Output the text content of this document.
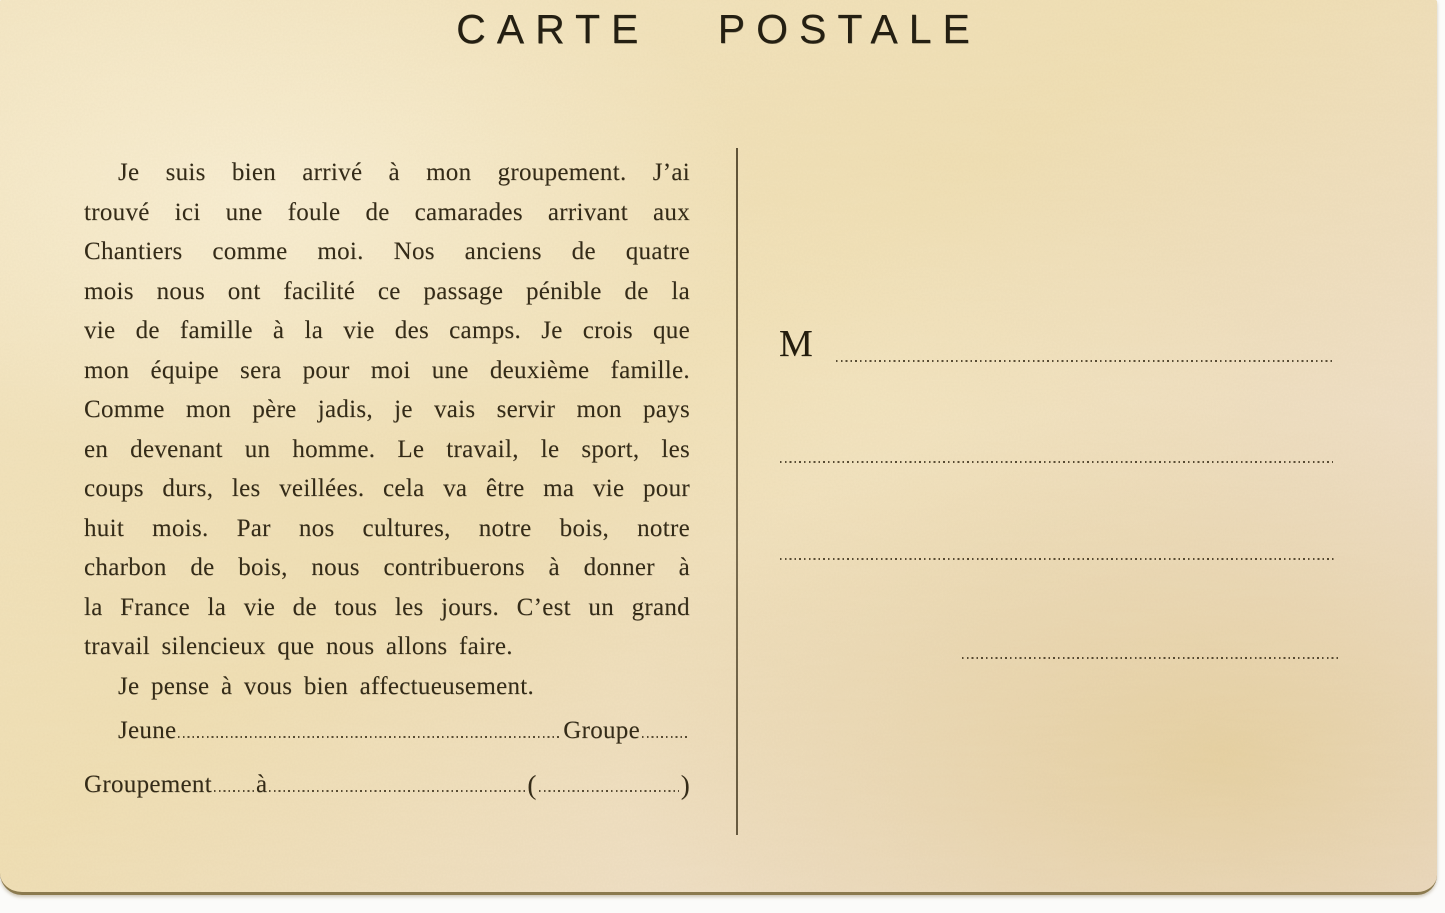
CARTE POSTALE
Je suis bien arrivé à mon groupement. J’ai
trouvé ici une foule de camarades arrivant aux
Chantiers comme moi. Nos anciens de quatre
mois nous ont facilité ce passage pénible de la
vie de famille à la vie des camps. Je crois que
mon équipe sera pour moi une deuxième famille.
Comme mon père jadis, je vais servir mon pays
en devenant un homme. Le travail, le sport, les
coups durs, les veillées. cela va être ma vie pour
huit mois. Par nos cultures, notre bois, notre
charbon de bois, nous contribuerons à donner à
la France la vie de tous les jours. C’est un grand
travail silencieux que nous allons faire.
Je pense à vous bien affectueusement.
Jeune	Groupe
Groupement à	(	)
M
